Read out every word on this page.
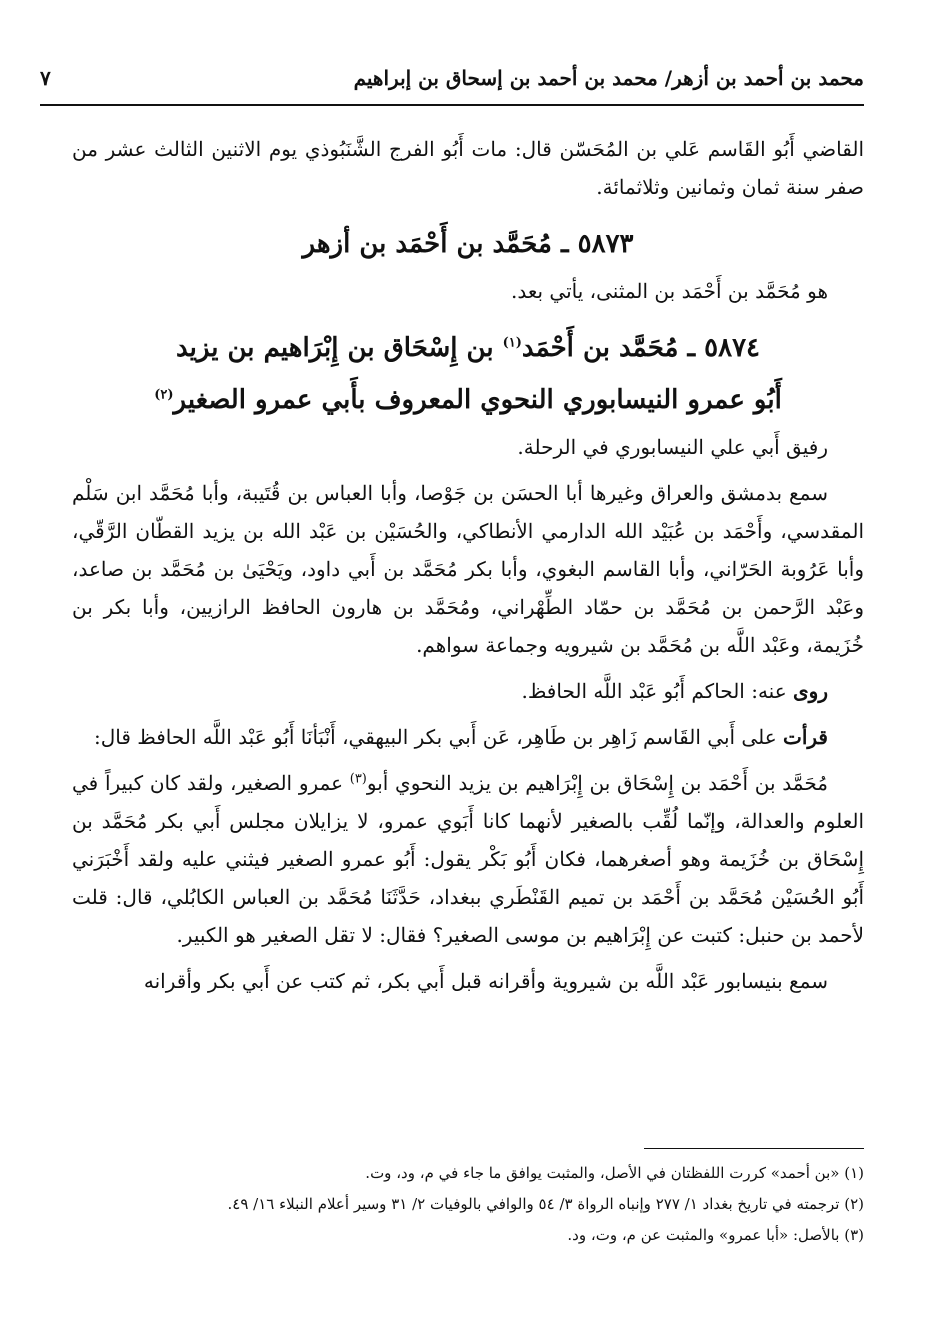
محمد بن أحمد بن أزهر/ محمد بن أحمد بن إسحاق بن إبراهيم
٧

القاضي أَبُو القَاسم عَلي بن المُحَسّن قال: مات أَبُو الفرج الشَّنَبُوذي يوم الاثنين الثالث عشر من صفر سنة ثمان وثمانين وثلاثمائة.

٥٨٧٣ ـ مُحَمَّد بن أَحْمَد بن أزهر

هو مُحَمَّد بن أَحْمَد بن المثنى، يأتي بعد.

٥٨٧٤ ـ مُحَمَّد بن أَحْمَد$^{(١)}$ بن إِسْحَاق بن إِبْرَاهيم بن يزيد
أَبُو عمرو النيسابوري النحوي المعروف بأَبي عمرو الصغير$^{(٢)}$

رفيق أَبي علي النيسابوري في الرحلة.

سمع بدمشق والعراق وغيرها أبا الحسَن بن جَوْصا، وأبا العباس بن قُتَيبة، وأبا مُحَمَّد ابن سَلْم المقدسي، وأَحْمَد بن عُبَيْد الله الدارمي الأنطاكي، والحُسَيْن بن عَبْد الله بن يزيد القطّان الرَّقّي، وأبا عَرُوبة الحَرّاني، وأبا القاسم البغوي، وأبا بكر مُحَمَّد بن أَبي داود، ويَحْيَىٰ بن مُحَمَّد بن صاعد، وعَبْد الرَّحمن بن مُحَمَّد بن حمّاد الطِّهْراني، ومُحَمَّد بن هارون الحافظ الرازيين، وأبا بكر بن خُزَيمة، وعَبْد اللَّه بن مُحَمَّد بن شيرويه وجماعة سواهم.

روى عنه: الحاكم أَبُو عَبْد اللَّه الحافظ.

قرأت على أَبي القَاسم زَاهِر بن طَاهِر، عَن أَبي بكر البيهقي، أَنْبَأنَا أَبُو عَبْد اللَّه الحافظ قال:

مُحَمَّد بن أَحْمَد بن إِسْحَاق بن إِبْرَاهيم بن يزيد النحوي أبو$^{(٣)}$ عمرو الصغير، ولقد كان كبيراً في العلوم والعدالة، وإنّما لُقِّب بالصغير لأنهما كانا أَبَوي عمرو، لا يزايلان مجلس أَبي بكر مُحَمَّد بن إِسْحَاق بن خُزَيمة وهو أصغرهما، فكان أَبُو بَكْر يقول: أَبُو عمرو الصغير فيثني عليه ولقد أَخْبَرَني أَبُو الحُسَيْن مُحَمَّد بن أَحْمَد بن تميم القَنْطَري ببغداد، حَدَّثَنَا مُحَمَّد بن العباس الكابُلي، قال: قلت لأحمد بن حنبل: كتبت عن إِبْرَاهيم بن موسى الصغير؟ فقال: لا تقل الصغير هو الكبير.

سمع بنيسابور عَبْد اللَّه بن شيروية وأقرانه قبل أَبي بكر، ثم كتب عن أَبي بكر وأقرانه

(١) «بن أحمد» كررت اللفظتان في الأصل، والمثبت يوافق ما جاء في م، ود، وت.
(٢) ترجمته في تاريخ بغداد ١/ ٢٧٧ وإنباه الرواة ٣/ ٥٤ والوافي بالوفيات ٢/ ٣١ وسير أعلام النبلاء ١٦/ ٤٩.
(٣) بالأصل: «أبا عمرو» والمثبت عن م، وت، ود.
